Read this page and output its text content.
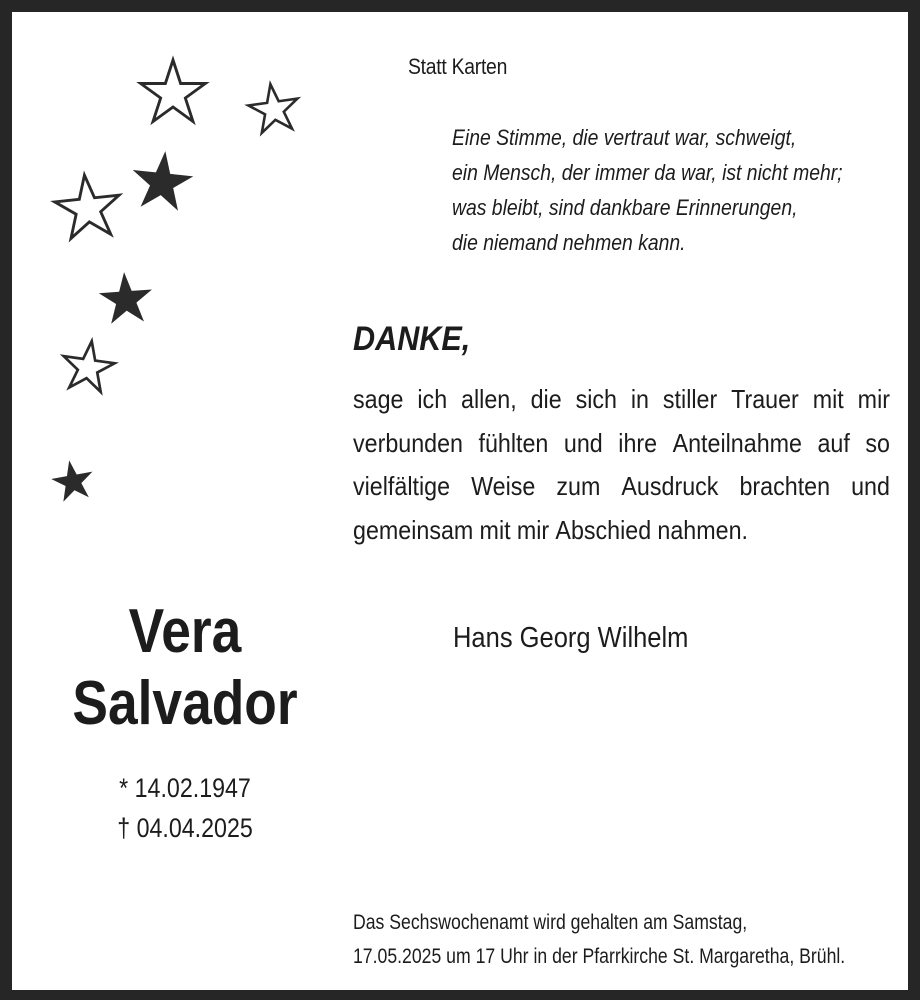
Statt Karten
Eine Stimme, die vertraut war, schweigt,
ein Mensch, der immer da war, ist nicht mehr;
was bleibt, sind dankbare Erinnerungen,
die niemand nehmen kann.
DANKE,
sage ich allen, die sich in stiller Trauer mit mir
verbunden fühlten und ihre Anteilnahme auf so
vielfältige Weise zum Ausdruck brachten und
gemeinsam mit mir Abschied nahmen.
Hans Georg Wilhelm
Vera
Salvador
* 14.02.1947
† 04.04.2025
Das Sechswochenamt wird gehalten am Samstag,
17.05.2025 um 17 Uhr in der Pfarrkirche St. Margaretha, Brühl.
